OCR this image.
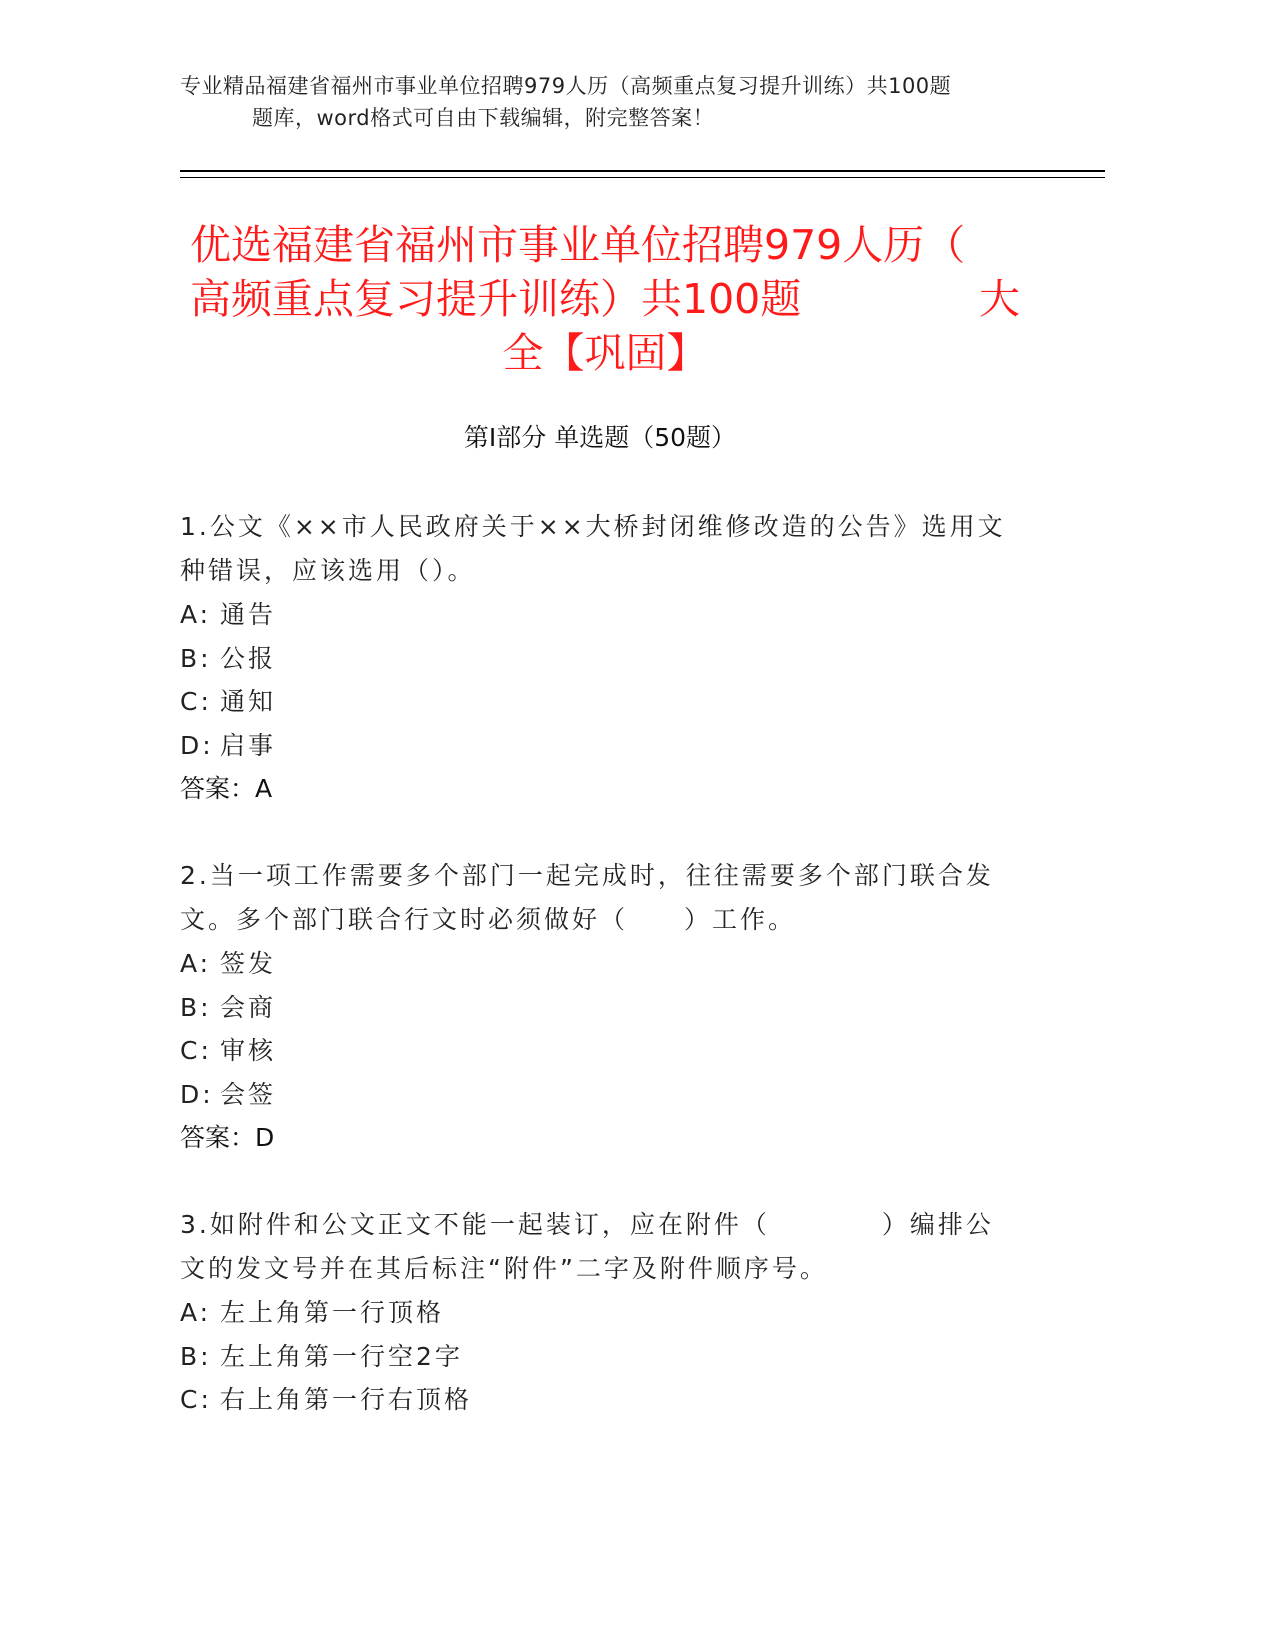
专业精品福建省福州市事业单位招聘979人历（高频重点复习提升训练）共100题
题库，word格式可自由下载编辑，附完整答案！
优选福建省福州市事业单位招聘979人历（
高频重点复习提升训练）共100题	大
全【巩固】
第I部分 单选题（50题）
1.公文《××市人民政府关于××大桥封闭维修改造的公告》选用文种错误，应该选用（）。
A: 通告
B: 公报
C: 通知
D: 启事
答案：A
2.当一项工作需要多个部门一起完成时，往往需要多个部门联合发文。多个部门联合行文时必须做好（　　）工作。
A: 签发
B: 会商
C: 审核
D: 会签
答案：D
3.如附件和公文正文不能一起装订，应在附件（　　　　）编排公文的发文号并在其后标注“附件”二字及附件顺序号。
A: 左上角第一行顶格
B: 左上角第一行空2字
C: 右上角第一行右顶格
